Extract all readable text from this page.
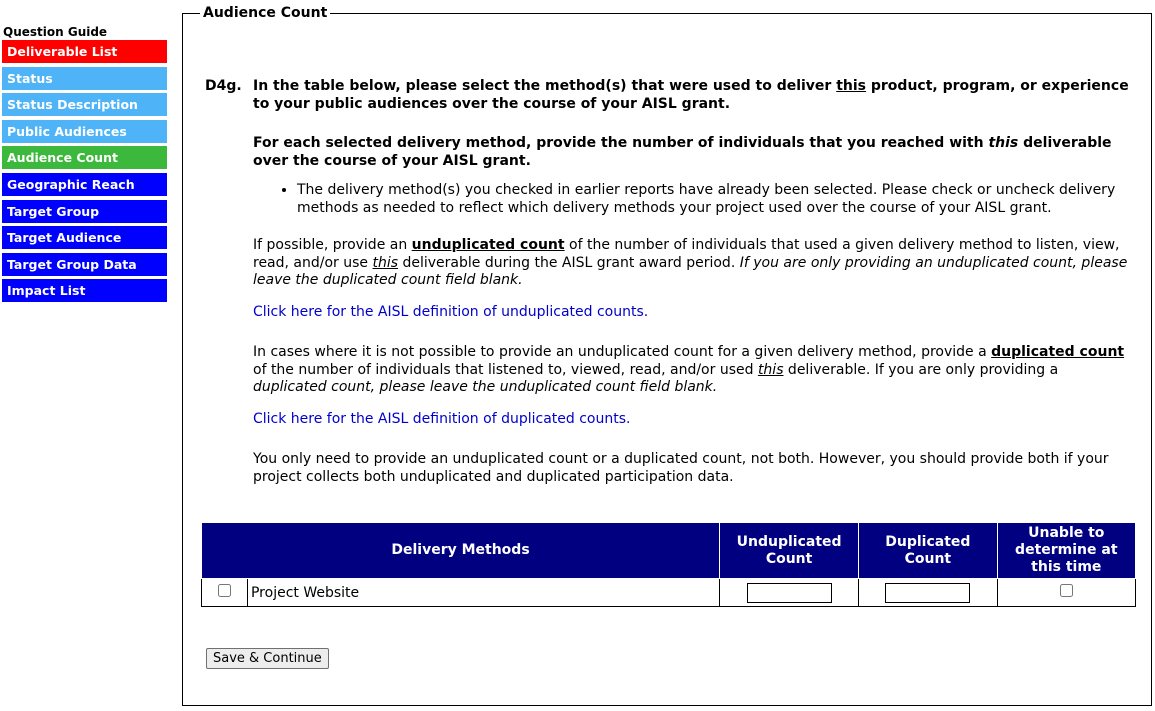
Question Guide
Deliverable List
Status
Status Description
Public Audiences
Audience Count
Geographic Reach
Target Group
Target Audience
Target Group Data
Impact List
Audience Count
D4g. In the table below, please select the method(s) that were used to deliver this product, program, or experience to your public audiences over the course of your AISL grant.
For each selected delivery method, provide the number of individuals that you reached with this deliverable over the course of your AISL grant.
• The delivery method(s) you checked in earlier reports have already been selected. Please check or uncheck delivery methods as needed to reflect which delivery methods your project used over the course of your AISL grant.
If possible, provide an unduplicated count of the number of individuals that used a given delivery method to listen, view, read, and/or use this deliverable during the AISL grant award period. If you are only providing an unduplicated count, please leave the duplicated count field blank.
Click here for the AISL definition of unduplicated counts.
In cases where it is not possible to provide an unduplicated count for a given delivery method, provide a duplicated count of the number of individuals that listened to, viewed, read, and/or used this deliverable. If you are only providing a duplicated count, please leave the unduplicated count field blank.
Click here for the AISL definition of duplicated counts.
You only need to provide an unduplicated count or a duplicated count, not both. However, you should provide both if your project collects both unduplicated and duplicated participation data.
Delivery Methods		Unduplicated Count	Duplicated Count	Unable to determine at this time
	Project Website			
Save & Continue
